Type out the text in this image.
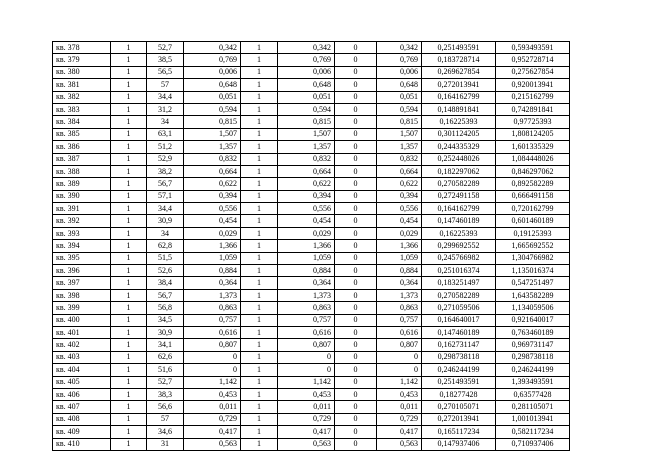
кв. 378	1	52,7	0,342	1	0,342	0	0,342	0,251493591	0,593493591
кв. 379	1	38,5	0,769	1	0,769	0	0,769	0,183728714	0,952728714
кв. 380	1	56,5	0,006	1	0,006	0	0,006	0,269627854	0,275627854
кв. 381	1	57	0,648	1	0,648	0	0,648	0,272013941	0,920013941
кв. 382	1	34,4	0,051	1	0,051	0	0,051	0,164162799	0,215162799
кв. 383	1	31,2	0,594	1	0,594	0	0,594	0,148891841	0,742891841
кв. 384	1	34	0,815	1	0,815	0	0,815	0,16225393	0,97725393
кв. 385	1	63,1	1,507	1	1,507	0	1,507	0,301124205	1,808124205
кв. 386	1	51,2	1,357	1	1,357	0	1,357	0,244335329	1,601335329
кв. 387	1	52,9	0,832	1	0,832	0	0,832	0,252448026	1,084448026
кв. 388	1	38,2	0,664	1	0,664	0	0,664	0,182297062	0,846297062
кв. 389	1	56,7	0,622	1	0,622	0	0,622	0,270582289	0,892582289
кв. 390	1	57,1	0,394	1	0,394	0	0,394	0,272491158	0,666491158
кв. 391	1	34,4	0,556	1	0,556	0	0,556	0,164162799	0,720162799
кв. 392	1	30,9	0,454	1	0,454	0	0,454	0,147460189	0,601460189
кв. 393	1	34	0,029	1	0,029	0	0,029	0,16225393	0,19125393
кв. 394	1	62,8	1,366	1	1,366	0	1,366	0,299692552	1,665692552
кв. 395	1	51,5	1,059	1	1,059	0	1,059	0,245766982	1,304766982
кв. 396	1	52,6	0,884	1	0,884	0	0,884	0,251016374	1,135016374
кв. 397	1	38,4	0,364	1	0,364	0	0,364	0,183251497	0,547251497
кв. 398	1	56,7	1,373	1	1,373	0	1,373	0,270582289	1,643582289
кв. 399	1	56,8	0,863	1	0,863	0	0,863	0,271059506	1,134059506
кв. 400	1	34,5	0,757	1	0,757	0	0,757	0,164640017	0,921640017
кв. 401	1	30,9	0,616	1	0,616	0	0,616	0,147460189	0,763460189
кв. 402	1	34,1	0,807	1	0,807	0	0,807	0,162731147	0,969731147
кв. 403	1	62,6	0	1	0	0	0	0,298738118	0,298738118
кв. 404	1	51,6	0	1	0	0	0	0,246244199	0,246244199
кв. 405	1	52,7	1,142	1	1,142	0	1,142	0,251493591	1,393493591
кв. 406	1	38,3	0,453	1	0,453	0	0,453	0,18277428	0,63577428
кв. 407	1	56,6	0,011	1	0,011	0	0,011	0,270105071	0,281105071
кв. 408	1	57	0,729	1	0,729	0	0,729	0,272013941	1,001013941
кв. 409	1	34,6	0,417	1	0,417	0	0,417	0,165117234	0,582117234
кв. 410	1	31	0,563	1	0,563	0	0,563	0,147937406	0,710937406
